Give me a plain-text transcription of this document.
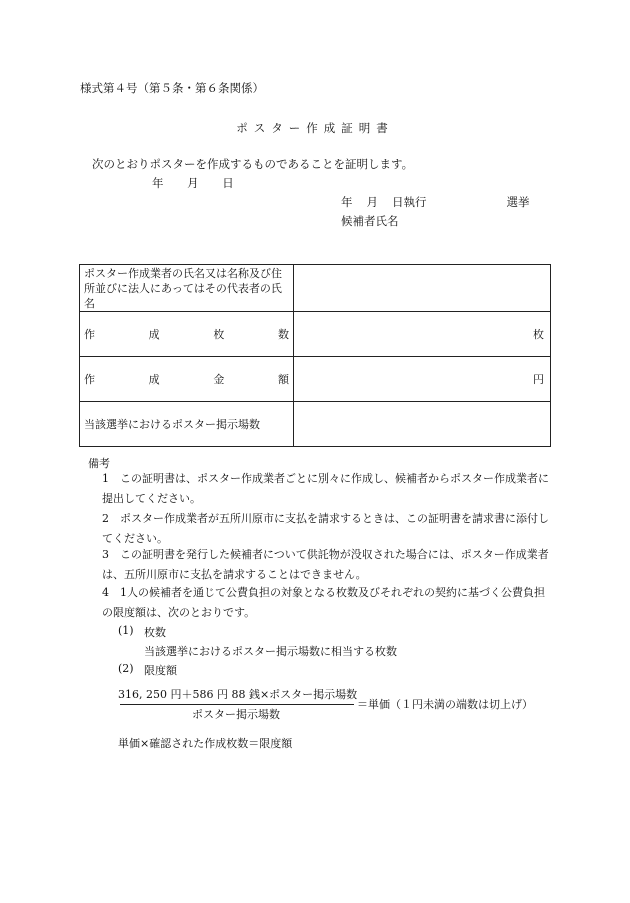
様式第４号（第５条・第６条関係）
ポスター作成証明書
次のとおりポスターを作成するものであることを証明します。
年 月 日
年 月 日執行	選挙
候補者氏名
ポスター作成業者の氏名又は名称及び住所並びに法人にあってはその代表者の氏名	
作　成　枚　数	枚
作　成　金　額	円
当該選挙におけるポスター掲示場数	
備考
1	この証明書は、ポスター作成業者ごとに別々に作成し、候補者からポスター作成業者に提出してください。
2	ポスター作成業者が五所川原市に支払を請求するときは、この証明書を請求書に添付してください。
3	この証明書を発行した候補者について供託物が没収された場合には、ポスター作成業者は、五所川原市に支払を請求することはできません。
4	1人の候補者を通じて公費負担の対象となる枚数及びそれぞれの契約に基づく公費負担の限度額は、次のとおりです。
(1) 枚数
当該選挙におけるポスター掲示場数に相当する枚数
(2) 限度額
316, 250 円＋586 円 88 銭×ポスター掲示場数
ポスター掲示場数
＝単価（１円未満の端数は切上げ）
単価×確認された作成枚数＝限度額
